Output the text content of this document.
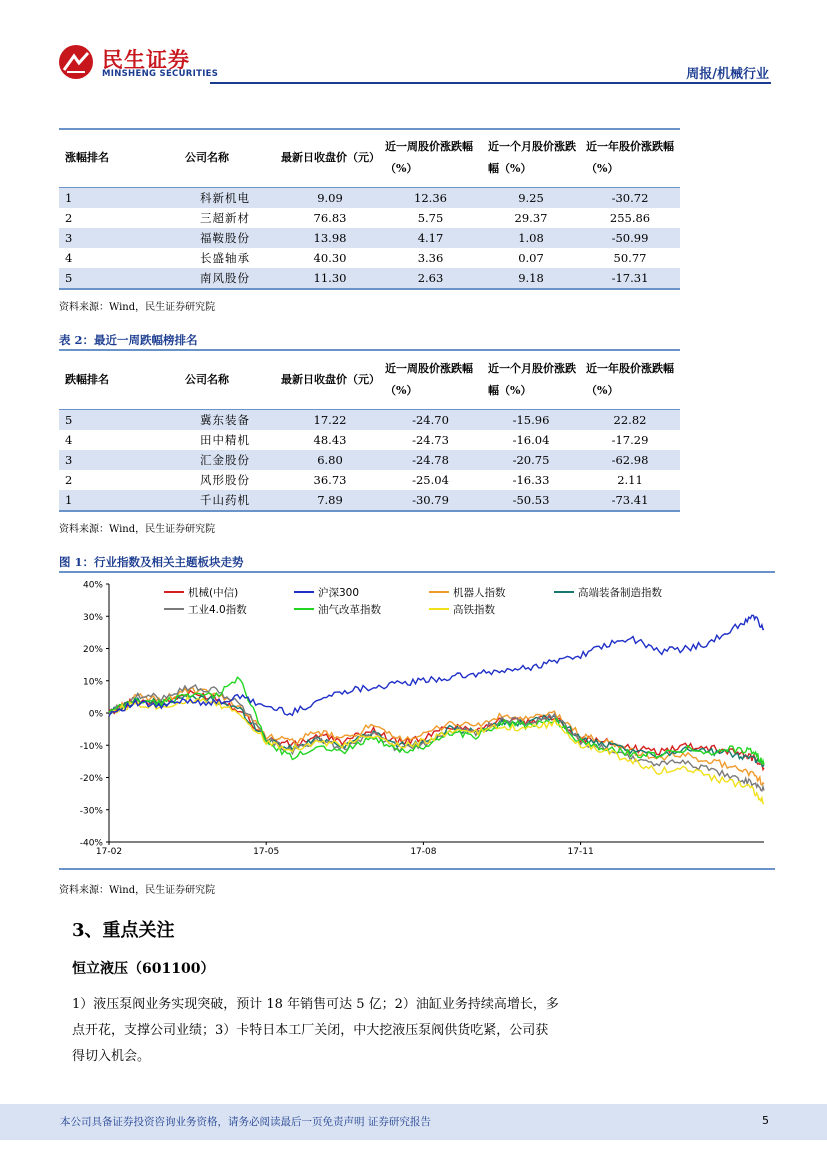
民生证券
MINSHENG SECURITIES	周报/机械行业
涨幅排名	公司名称	最新日收盘价（元）	近一周股价涨跌幅（%）	近一个月股价涨跌幅（%）	近一年股价涨跌幅（%）
1	科新机电	9.09	12.36	9.25	-30.72
2	三超新材	76.83	5.75	29.37	255.86
3	福鞍股份	13.98	4.17	1.08	-50.99
4	长盛轴承	40.30	3.36	0.07	50.77
5	南风股份	11.30	2.63	9.18	-17.31
资料来源：Wind，民生证券研究院
表 2：最近一周跌幅榜排名
跌幅排名	公司名称	最新日收盘价（元）	近一周股价涨跌幅（%）	近一个月股价涨跌幅（%）	近一年股价涨跌幅（%）
5	冀东装备	17.22	-24.70	-15.96	22.82
4	田中精机	48.43	-24.73	-16.04	-17.29
3	汇金股份	6.80	-24.78	-20.75	-62.98
2	风形股份	36.73	-25.04	-16.33	2.11
1	千山药机	7.89	-30.79	-50.53	-73.41
资料来源：Wind，民生证券研究院
图 1：行业指数及相关主题板块走势
40%
30%
20%
10%
0%
-10%
-20%
-30%
-40%
17-02	17-05	17-08	17-11
机械(中信)	沪深300	机器人指数	高端装备制造指数
工业4.0指数	油气改革指数	高铁指数
资料来源：Wind，民生证券研究院
3、重点关注
恒立液压（601100）
1）液压泵阀业务实现突破，预计 18 年销售可达 5 亿；2）油缸业务持续高增长，多
点开花，支撑公司业绩；3）卡特日本工厂关闭，中大挖液压泵阀供货吃紧，公司获
得切入机会。
本公司具备证券投资咨询业务资格，请务必阅读最后一页免责声明 证券研究报告	5
